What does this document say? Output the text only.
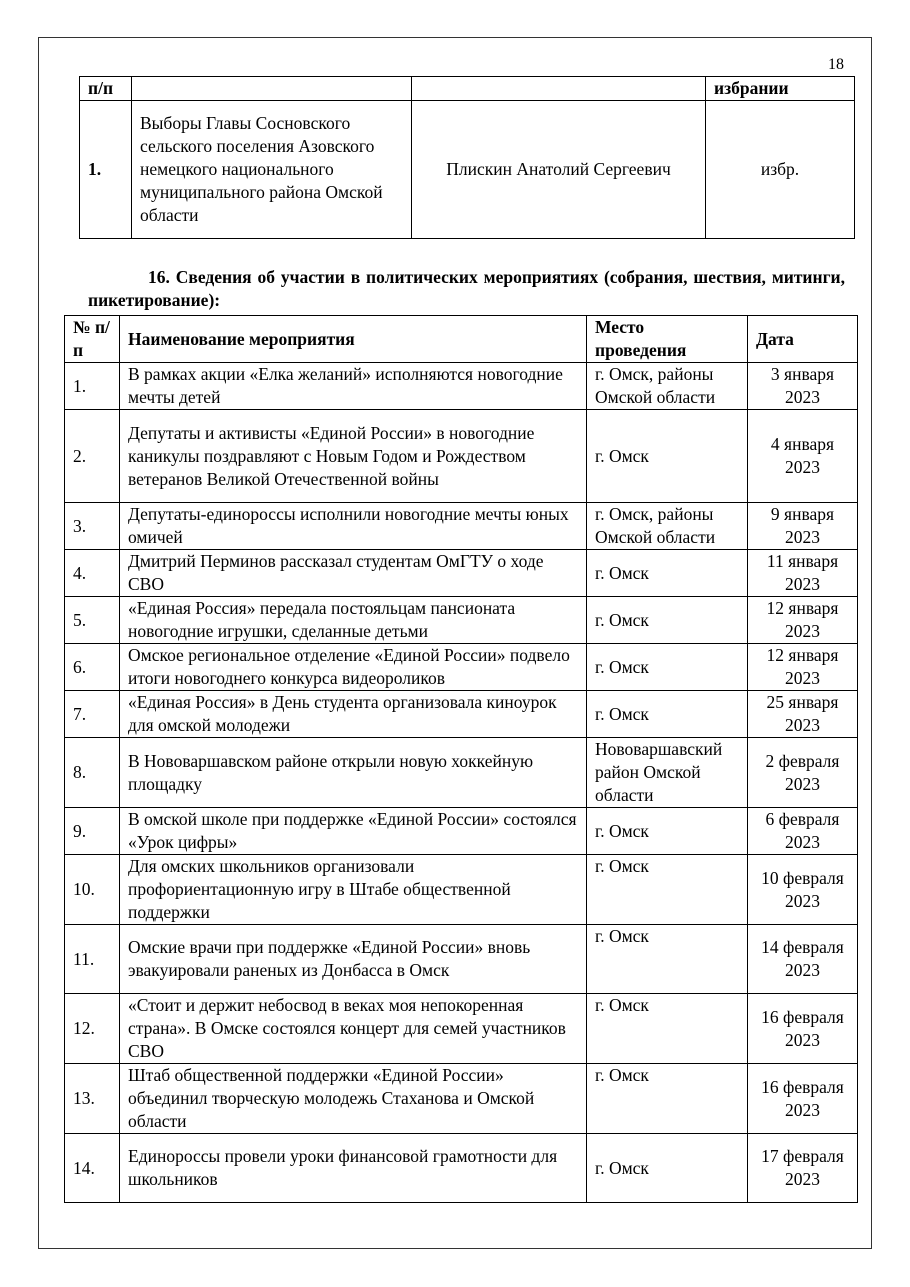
18
п/п			избрании
1.	Выборы Главы Сосновского сельского поселения Азовского немецкого национального муниципального района Омской области	Плискин Анатолий Сергеевич	избр.
16. Сведения об участии в политических мероприятиях (собрания, шествия, митинги, пикетирование):
№ п/п	Наименование мероприятия	Место проведения	Дата
1.	В рамках акции «Елка желаний» исполняются новогодние мечты детей	г. Омск, районы Омской области	3 января 2023
2.	Депутаты и активисты «Единой России» в новогодние каникулы поздравляют с Новым Годом и Рождеством ветеранов Великой Отечественной войны	г. Омск	4 января 2023
3.	Депутаты-единороссы исполнили новогодние мечты юных омичей	г. Омск, районы Омской области	9 января 2023
4.	Дмитрий Перминов рассказал студентам ОмГТУ о ходе СВО	г. Омск	11 января 2023
5.	«Единая Россия» передала постояльцам пансионата новогодние игрушки, сделанные детьми	г. Омск	12 января 2023
6.	Омское региональное отделение «Единой России» подвело итоги новогоднего конкурса видеороликов	г. Омск	12 января 2023
7.	«Единая Россия» в День студента организовала киноурок для омской молодежи	г. Омск	25 января 2023
8.	В Нововаршавском районе открыли новую хоккейную площадку	Нововаршавский район Омской области	2 февраля 2023
9.	В омской школе при поддержке «Единой России» состоялся «Урок цифры»	г. Омск	6 февраля 2023
10.	Для омских школьников организовали профориентационную игру в Штабе общественной поддержки	г. Омск	10 февраля 2023
11.	Омские врачи при поддержке «Единой России» вновь эвакуировали раненых из Донбасса в Омск	г. Омск	14 февраля 2023
12.	«Стоит и держит небосвод в веках моя непокоренная страна». В Омске состоялся концерт для семей участников СВО	г. Омск	16 февраля 2023
13.	Штаб общественной поддержки «Единой России» объединил творческую молодежь Стаханова и Омской области	г. Омск	16 февраля 2023
14.	Единороссы провели уроки финансовой грамотности для школьников	г. Омск	17 февраля 2023
